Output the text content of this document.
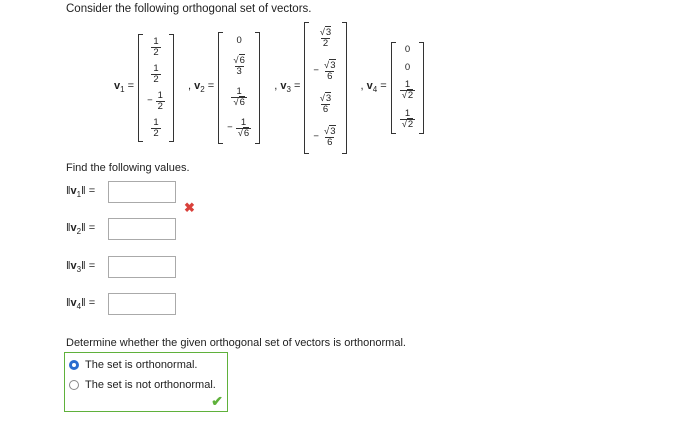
Consider the following orthogonal set of vectors.
$v_1$ =
$\frac{1}{2}$
$\frac{1}{2}$
− $\frac{1}{2}$
$\frac{1}{2}$
, $v_2$ =
0
$\frac{√6}{3}$
$\frac{1}{√6}$
− $\frac{1}{√6}$
, $v_3$ =
$\frac{√3}{2}$
− $\frac{√3}{6}$
$\frac{√3}{6}$
− $\frac{√3}{6}$
, $v_4$ =
0
0
$\frac{1}{√2}$
$\frac{1}{√2}$
Find the following values.
$‖v_1‖$ =
$‖v_2‖$ =
$‖v_3‖$ =
$‖v_4‖$ =
✖
Determine whether the given orthogonal set of vectors is orthonormal.
The set is orthonormal.
The set is not orthonormal.
✔
